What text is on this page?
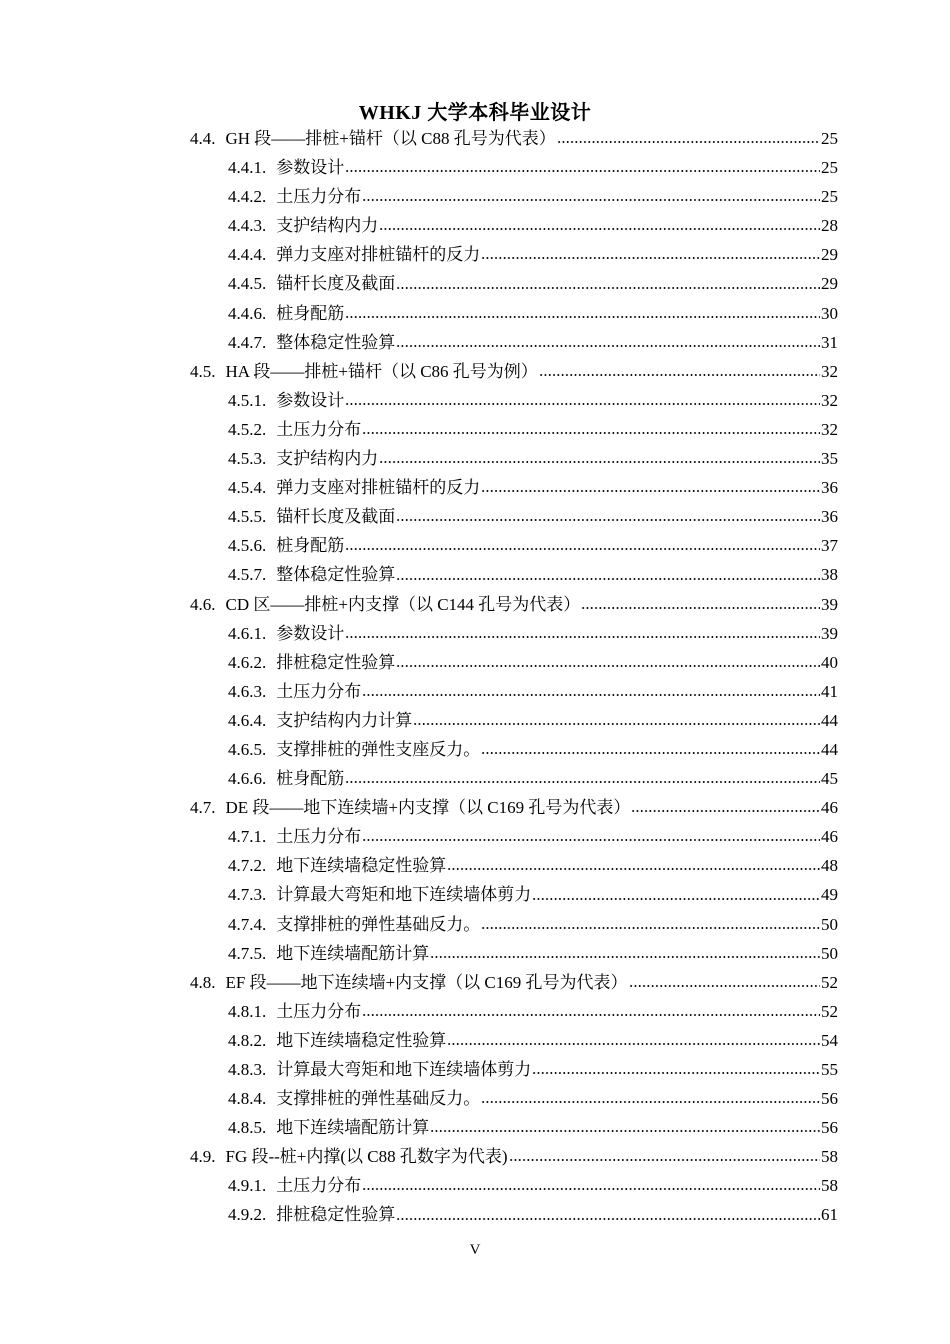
WHKJ 大学本科毕业设计
4.4. GH 段——排桩+锚杆（以 C88 孔号为代表）	25
4.4.1. 参数设计	25
4.4.2. 土压力分布	25
4.4.3. 支护结构内力	28
4.4.4. 弹力支座对排桩锚杆的反力	29
4.4.5. 锚杆长度及截面	29
4.4.6. 桩身配筋	30
4.4.7. 整体稳定性验算	31
4.5. HA 段——排桩+锚杆（以 C86 孔号为例）	32
4.5.1. 参数设计	32
4.5.2. 土压力分布	32
4.5.3. 支护结构内力	35
4.5.4. 弹力支座对排桩锚杆的反力	36
4.5.5. 锚杆长度及截面	36
4.5.6. 桩身配筋	37
4.5.7. 整体稳定性验算	38
4.6. CD 区——排桩+内支撑（以 C144 孔号为代表）	39
4.6.1. 参数设计	39
4.6.2. 排桩稳定性验算	40
4.6.3. 土压力分布	41
4.6.4. 支护结构内力计算	44
4.6.5. 支撑排桩的弹性支座反力。	44
4.6.6. 桩身配筋	45
4.7. DE 段——地下连续墙+内支撑（以 C169 孔号为代表）	46
4.7.1. 土压力分布	46
4.7.2. 地下连续墙稳定性验算	48
4.7.3. 计算最大弯矩和地下连续墙体剪力	49
4.7.4. 支撑排桩的弹性基础反力。	50
4.7.5. 地下连续墙配筋计算	50
4.8. EF 段——地下连续墙+内支撑（以 C169 孔号为代表）	52
4.8.1. 土压力分布	52
4.8.2. 地下连续墙稳定性验算	54
4.8.3. 计算最大弯矩和地下连续墙体剪力	55
4.8.4. 支撑排桩的弹性基础反力。	56
4.8.5. 地下连续墙配筋计算	56
4.9. FG 段--桩+内撑(以 C88 孔数字为代表)	58
4.9.1. 土压力分布	58
4.9.2. 排桩稳定性验算	61
V
